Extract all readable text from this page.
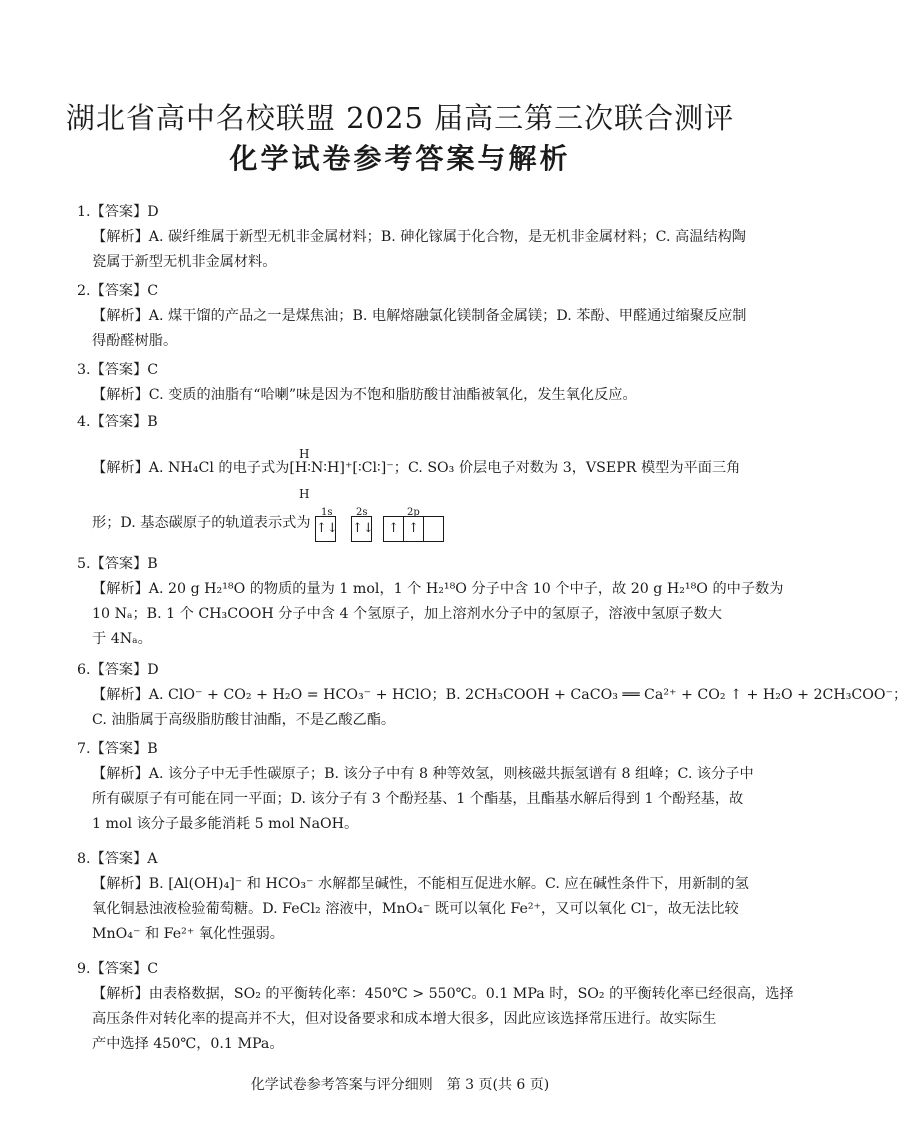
湖北省高中名校联盟 2025 届高三第三次联合测评
化学试卷参考答案与解析
1.【答案】D
【解析】A. 碳纤维属于新型无机非金属材料；B. 砷化镓属于化合物，是无机非金属材料；C. 高温结构陶
瓷属于新型无机非金属材料。
2.【答案】C
【解析】A. 煤干馏的产品之一是煤焦油；B. 电解熔融氯化镁制备金属镁；D. 苯酚、甲醛通过缩聚反应制
得酚醛树脂。
3.【答案】C
【解析】C. 变质的油脂有“哈喇”味是因为不饱和脂肪酸甘油酯被氧化，发生氧化反应。
4.【答案】B
H
H
【解析】A. NH₄Cl 的电子式为[H∶N∶H]⁺[∶Cl∶]⁻；C. SO₃ 价层电子对数为 3，VSEPR 模型为平面三角
形；D. 基态碳原子的轨道表示式为
1s 2s	2p
↑↓ ↑↓	↑ ↑
5.【答案】B
【解析】A. 20 g H₂¹⁸O 的物质的量为 1 mol，1 个 H₂¹⁸O 分子中含 10 个中子，故 20 g H₂¹⁸O 的中子数为
10 Nₐ；B. 1 个 CH₃COOH 分子中含 4 个氢原子，加上溶剂水分子中的氢原子，溶液中氢原子数大
于 4Nₐ。
6.【答案】D
【解析】A. ClO⁻ + CO₂ + H₂O = HCO₃⁻ + HClO；B. 2CH₃COOH + CaCO₃ ══ Ca²⁺ + CO₂ ↑ + H₂O + 2CH₃COO⁻；
C. 油脂属于高级脂肪酸甘油酯，不是乙酸乙酯。
7.【答案】B
【解析】A. 该分子中无手性碳原子；B. 该分子中有 8 种等效氢，则核磁共振氢谱有 8 组峰；C. 该分子中
所有碳原子有可能在同一平面；D. 该分子有 3 个酚羟基、1 个酯基，且酯基水解后得到 1 个酚羟基，故
1 mol 该分子最多能消耗 5 mol NaOH。
8.【答案】A
【解析】B. [Al(OH)₄]⁻ 和 HCO₃⁻ 水解都呈碱性，不能相互促进水解。C. 应在碱性条件下，用新制的氢
氧化铜悬浊液检验葡萄糖。D. FeCl₂ 溶液中，MnO₄⁻ 既可以氧化 Fe²⁺，又可以氧化 Cl⁻，故无法比较
MnO₄⁻ 和 Fe²⁺ 氧化性强弱。
9.【答案】C
【解析】由表格数据，SO₂ 的平衡转化率：450℃ > 550℃。0.1 MPa 时，SO₂ 的平衡转化率已经很高，选择
高压条件对转化率的提高并不大，但对设备要求和成本增大很多，因此应该选择常压进行。故实际生
产中选择 450℃，0.1 MPa。
化学试卷参考答案与评分细则　第 3 页(共 6 页)
